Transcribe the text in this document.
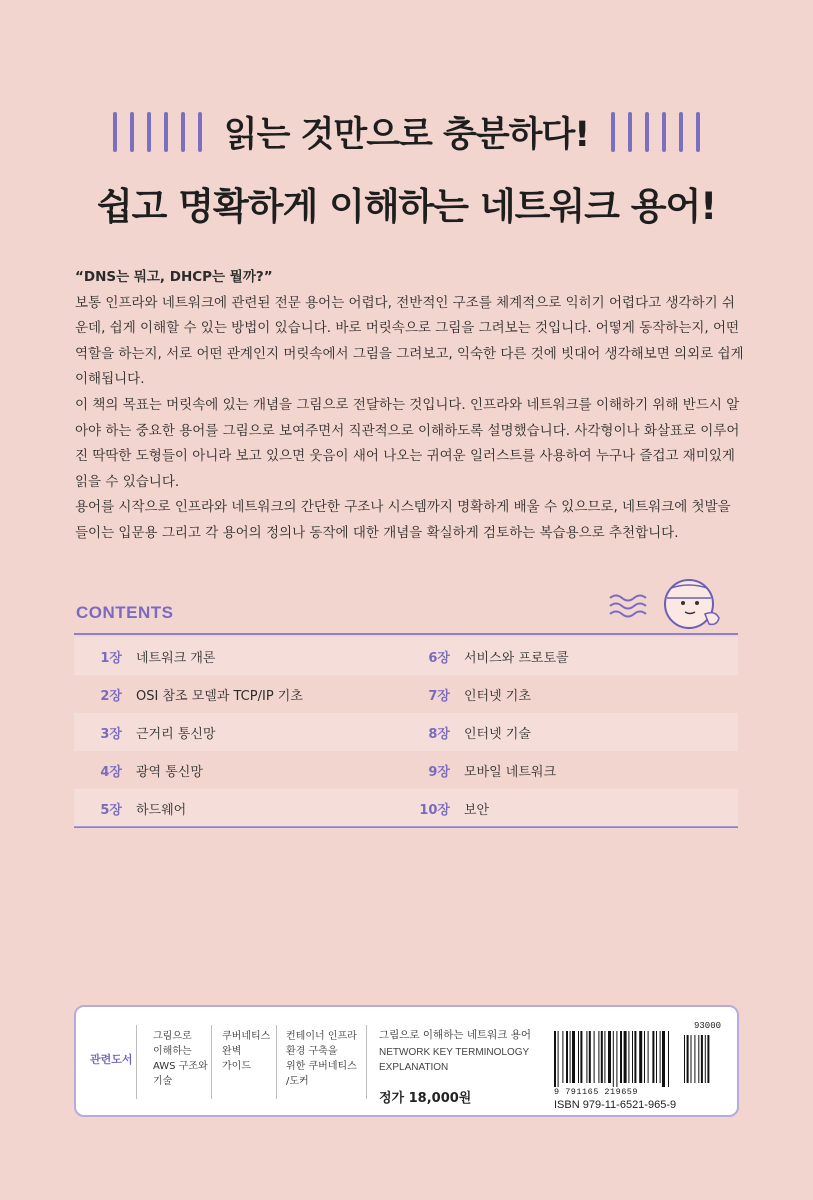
읽는 것만으로 충분하다!
쉽고 명확하게 이해하는 네트워크 용어!
“DNS는 뭐고, DHCP는 뭘까?”
보통 인프라와 네트워크에 관련된 전문 용어는 어렵다, 전반적인 구조를 체계적으로 익히기 어렵다고 생각하기 쉬운데, 쉽게 이해할 수 있는 방법이 있습니다. 바로 머릿속으로 그림을 그려보는 것입니다. 어떻게 동작하는지, 어떤 역할을 하는지, 서로 어떤 관계인지 머릿속에서 그림을 그려보고, 익숙한 다른 것에 빗대어 생각해보면 의외로 쉽게 이해됩니다.
이 책의 목표는 머릿속에 있는 개념을 그림으로 전달하는 것입니다. 인프라와 네트워크를 이해하기 위해 반드시 알아야 하는 중요한 용어를 그림으로 보여주면서 직관적으로 이해하도록 설명했습니다. 사각형이나 화살표로 이루어진 딱딱한 도형들이 아니라 보고 있으면 웃음이 새어 나오는 귀여운 일러스트를 사용하여 누구나 즐겁고 재미있게 읽을 수 있습니다.
용어를 시작으로 인프라와 네트워크의 간단한 구조나 시스템까지 명확하게 배울 수 있으므로, 네트워크에 첫발을 들이는 입문용 그리고 각 용어의 정의나 동작에 대한 개념을 확실하게 검토하는 복습용으로 추천합니다.
CONTENTS
1장 네트워크 개론	6장 서비스와 프로토콜
2장 OSI 참조 모델과 TCP/IP 기초	7장 인터넷 기초
3장 근거리 통신망	8장 인터넷 기술
4장 광역 통신망	9장 모바일 네트워크
5장 하드웨어	10장 보안
관련도서
그림으로
이해하는
AWS 구조와
기술
쿠버네티스
완벽
가이드
컨테이너 인프라
환경 구축을
위한 쿠버네티스
/도커
그림으로 이해하는 네트워크 용어
NETWORK KEY TERMINOLOGY EXPLANATION
정가 18,000원
93000
9 791165 219659
ISBN 979-11-6521-965-9
